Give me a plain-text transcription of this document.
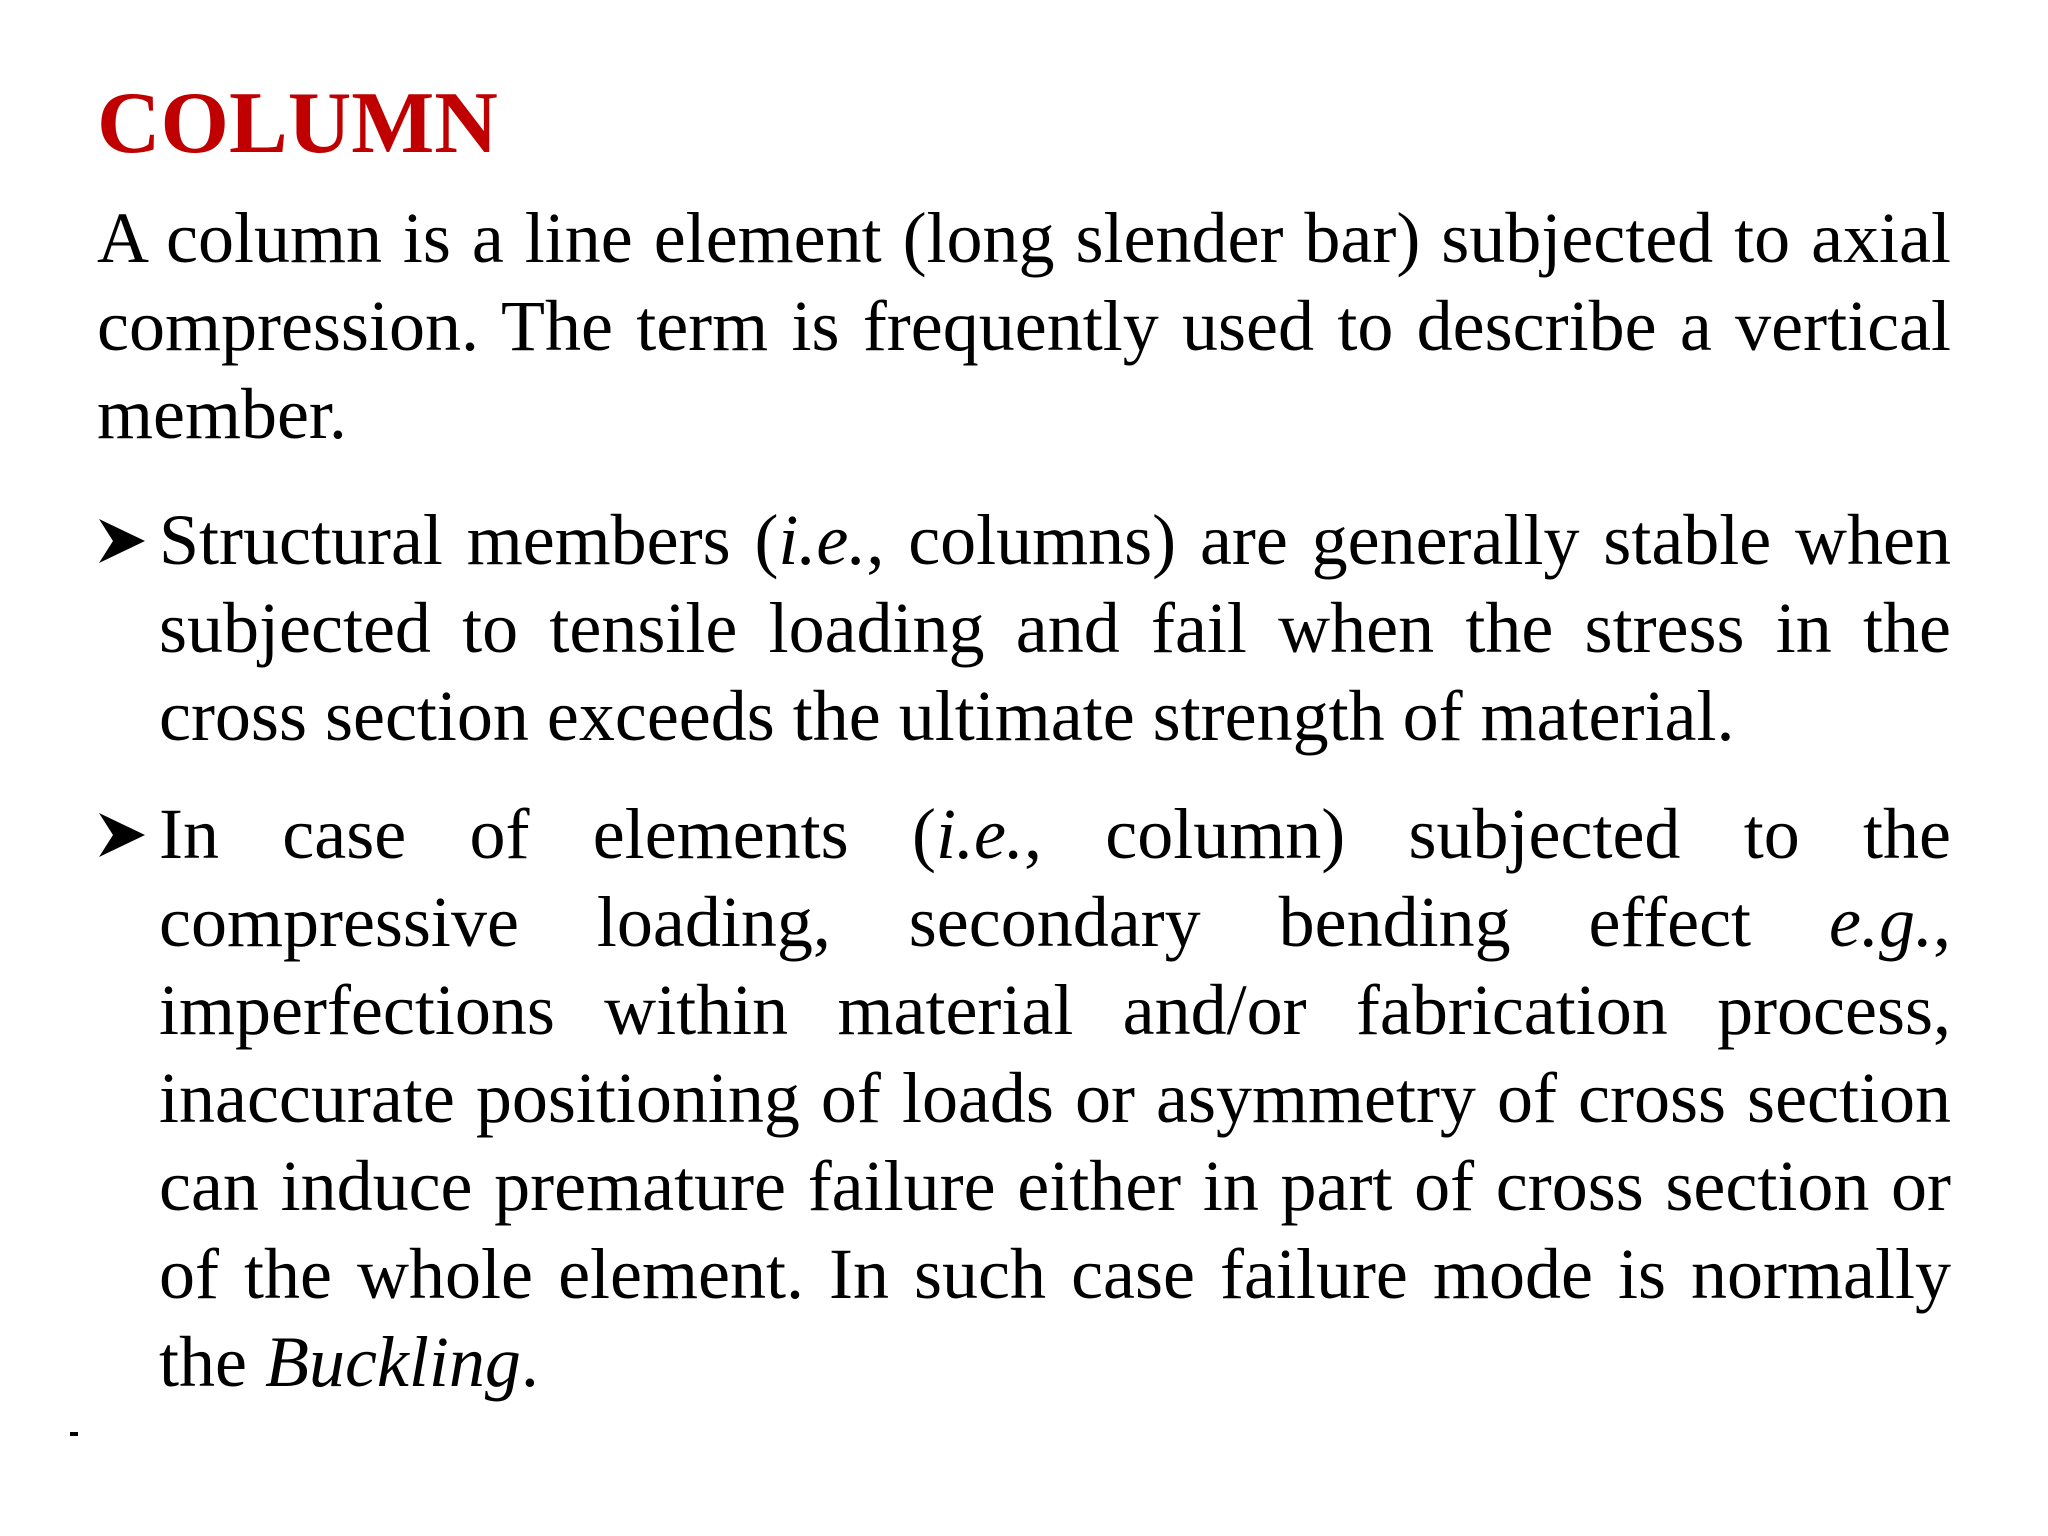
COLUMN

A column is a line element (long slender bar) subjected to axial compression. The term is frequently used to describe a vertical member.

Structural members (i.e., columns) are generally stable when subjected to tensile loading and fail when the stress in the cross section exceeds the ultimate strength of material.
In case of elements (i.e., column) subjected to the compressive loading, secondary bending effect e.g., imperfections within material and/or fabrication process, inaccurate positioning of loads or asymmetry of cross section can induce premature failure either in part of cross section or of the whole element. In such case failure mode is normally the Buckling.
